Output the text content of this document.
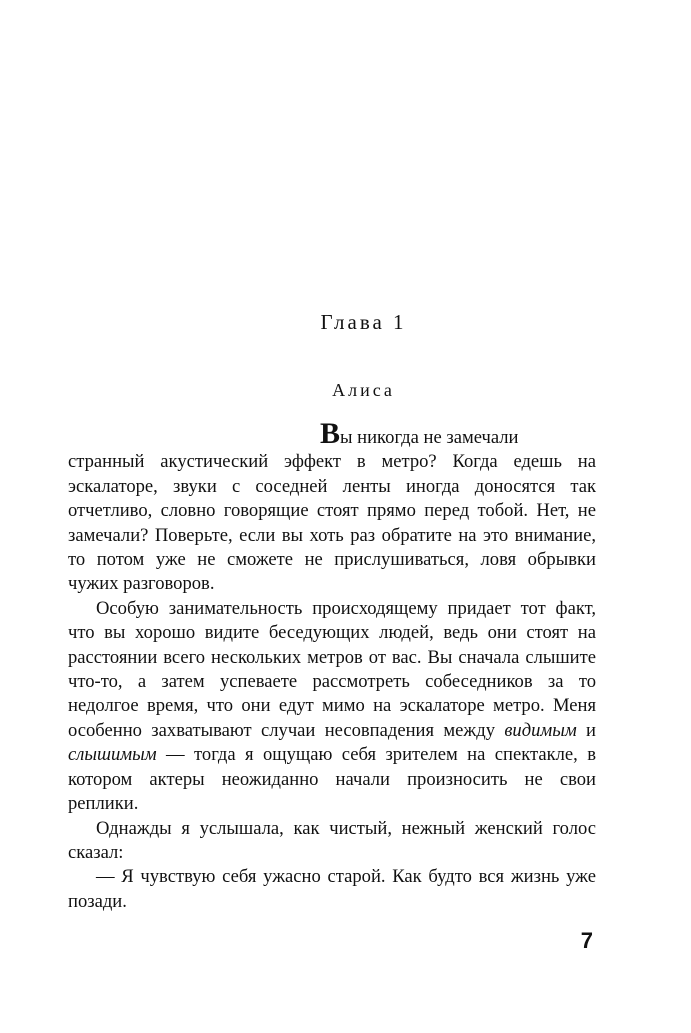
Глава 1
Алиса

Вы никогда не замечали
странный акустический эффект в метро? Когда едешь на эскалаторе, звуки с соседней ленты иногда доносятся так отчетливо, словно говорящие стоят прямо перед тобой. Нет, не замечали? Поверьте, если вы хоть раз обратите на это внимание, то потом уже не сможете не прислушиваться, ловя обрывки чужих разговоров.

Особую занимательность происходящему придает тот факт, что вы хорошо видите беседующих людей, ведь они стоят на расстоянии всего нескольких метров от вас. Вы сначала слышите что-то, а затем успеваете рассмотреть собеседников за то недолгое время, что они едут мимо на эскалаторе метро. Меня особенно захватывают случаи несовпадения между видимым и слышимым — тогда я ощущаю себя зрителем на спектакле, в котором актеры неожиданно начали произносить не свои реплики.

Однажды я услышала, как чистый, нежный женский голос сказал:

— Я чувствую себя ужасно старой. Как будто вся жизнь уже позади.

7
